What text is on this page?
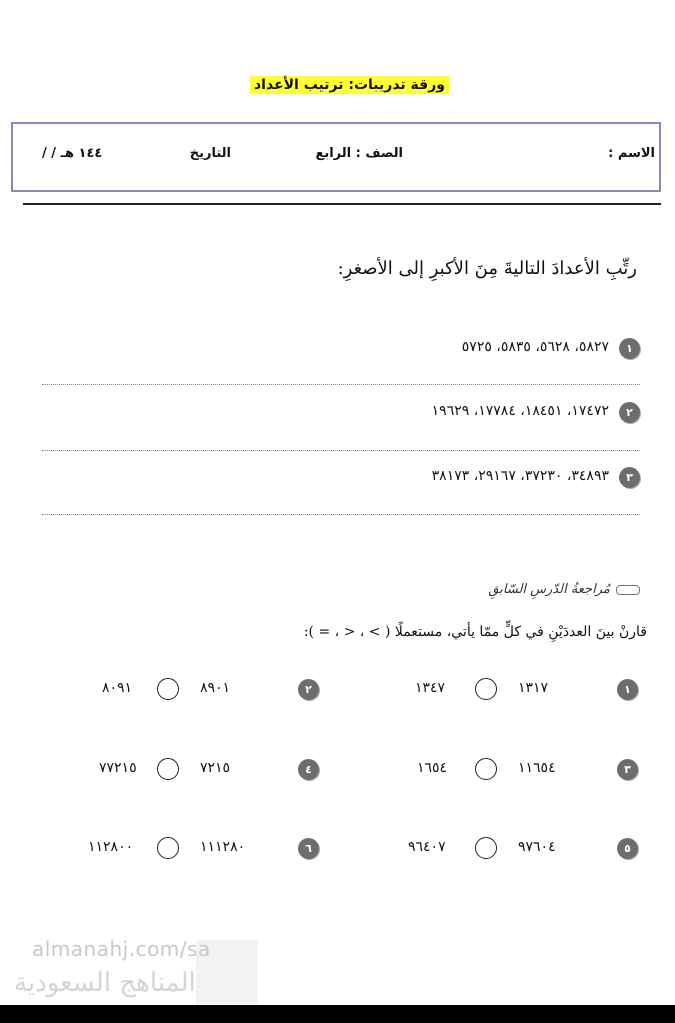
ورقة تدريبات: ترتيب الأعداد
الاسم :
الصف : الرابع
التاريخ
/ / ١٤٤ هـ
رتِّبِ الأعدادَ التاليةَ مِنَ الأكبرِ إلى الأصغرِ:
١
٥٨٢٧، ٥٦٢٨، ٥٨٣٥، ٥٧٢٥
٢
١٧٤٧٢، ١٨٤٥١، ١٧٧٨٤، ١٩٦٢٩
٣
٣٤٨٩٣، ٣٧٢٣٠، ٢٩١٦٧، ٣٨١٧٣
مُراجعةُ الدّرسِ السّابقِ
قارنْ بينَ العددَيْنِ في كلٍّ ممّا يأتي، مستعملًا ( > ، < ، = ):
١
١٣١٧
١٣٤٧
٢
٨٩٠١
٨٠٩١
٣
١١٦٥٤
١٦٥٤
٤
٧٢١٥
٧٧٢١٥
٥
٩٧٦٠٤
٩٦٤٠٧
٦
١١١٢٨٠
١١٢٨٠٠
almanahj.com/sa
المناهج السعودية
